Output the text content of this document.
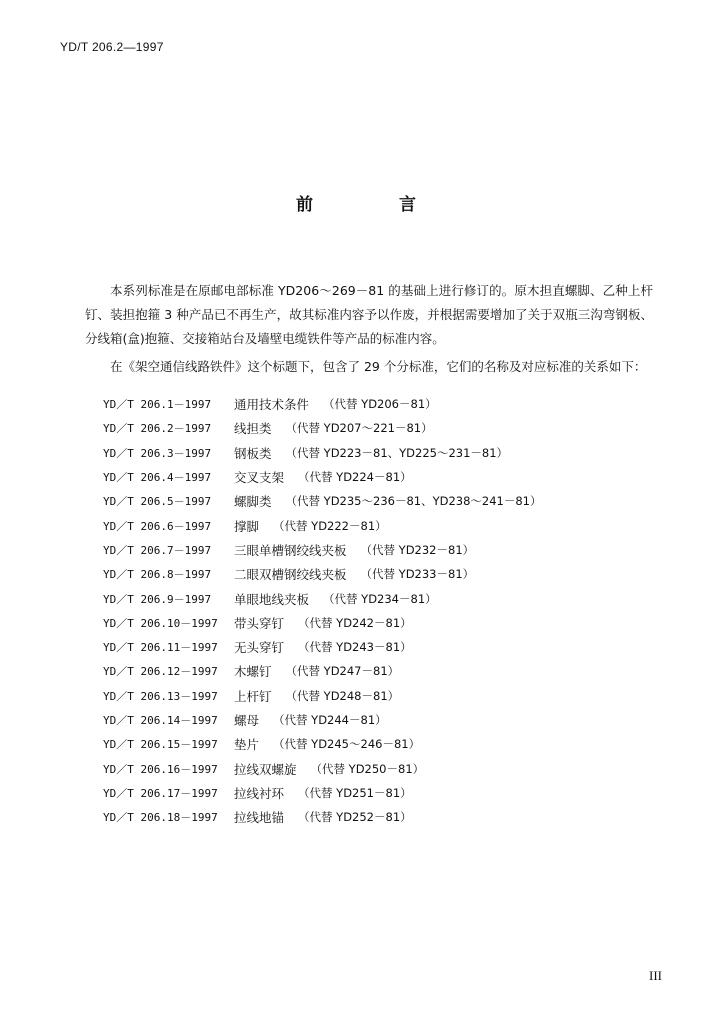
YD/T 206.2—1997
前	言

本系列标准是在原邮电部标准 YD206～269－81 的基础上进行修订的。原木担直螺脚、乙种上杆钉、装担抱箍 3 种产品已不再生产，故其标准内容予以作废，并根据需要增加了关于双瓶三沟弯钢板、分线箱(盒)抱箍、交接箱站台及墙壁电缆铁件等产品的标准内容。

在《架空通信线路铁件》这个标题下，包含了 29 个分标准，它们的名称及对应标准的关系如下：

YD／T 206.1－1997	通用技术条件 （代替 YD206－81）
YD／T 206.2－1997	线担类 （代替 YD207～221－81）
YD／T 206.3－1997	钢板类 （代替 YD223－81、YD225～231－81）
YD／T 206.4－1997	交叉支架 （代替 YD224－81）
YD／T 206.5－1997	螺脚类 （代替 YD235～236－81、YD238～241－81）
YD／T 206.6－1997	撑脚 （代替 YD222－81）
YD／T 206.7－1997	三眼单槽钢绞线夹板 （代替 YD232－81）
YD／T 206.8－1997	二眼双槽钢绞线夹板 （代替 YD233－81）
YD／T 206.9－1997	单眼地线夹板 （代替 YD234－81）
YD／T 206.10－1997	带头穿钉 （代替 YD242－81）
YD／T 206.11－1997	无头穿钉 （代替 YD243－81）
YD／T 206.12－1997	木螺钉 （代替 YD247－81）
YD／T 206.13－1997	上杆钉 （代替 YD248－81）
YD／T 206.14－1997	螺母 （代替 YD244－81）
YD／T 206.15－1997	垫片 （代替 YD245～246－81）
YD／T 206.16－1997	拉线双螺旋 （代替 YD250－81）
YD／T 206.17－1997	拉线衬环 （代替 YD251－81）
YD／T 206.18－1997	拉线地锚 （代替 YD252－81）
III
